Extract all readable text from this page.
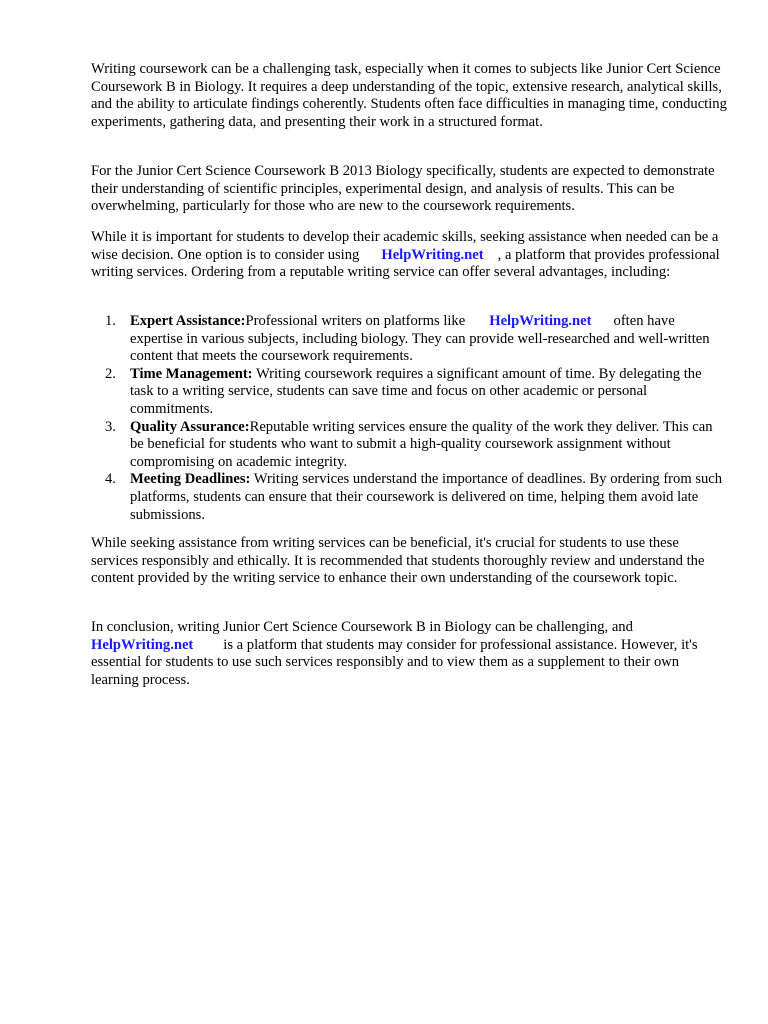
Writing coursework can be a challenging task, especially when it comes to subjects like Junior Cert Science Coursework B in Biology. It requires a deep understanding of the topic, extensive research, analytical skills, and the ability to articulate findings coherently. Students often face difficulties in managing time, conducting experiments, gathering data, and presenting their work in a structured format.

For the Junior Cert Science Coursework B 2013 Biology specifically, students are expected to demonstrate their understanding of scientific principles, experimental design, and analysis of results. This can be overwhelming, particularly for those who are new to the coursework requirements.

While it is important for students to develop their academic skills, seeking assistance when needed can be a wise decision. One option is to consider using HelpWriting.net , a platform that provides professional writing services. Ordering from a reputable writing service can offer several advantages, including:

1. Expert Assistance:Professional writers on platforms like HelpWriting.net often have expertise in various subjects, including biology. They can provide well-researched and well-written content that meets the coursework requirements.
2. Time Management: Writing coursework requires a significant amount of time. By delegating the task to a writing service, students can save time and focus on other academic or personal commitments.
3. Quality Assurance:Reputable writing services ensure the quality of the work they deliver. This can be beneficial for students who want to submit a high-quality coursework assignment without compromising on academic integrity.
4. Meeting Deadlines: Writing services understand the importance of deadlines. By ordering from such platforms, students can ensure that their coursework is delivered on time, helping them avoid late submissions.

While seeking assistance from writing services can be beneficial, it's crucial for students to use these services responsibly and ethically. It is recommended that students thoroughly review and understand the content provided by the writing service to enhance their own understanding of the coursework topic.

In conclusion, writing Junior Cert Science Coursework B in Biology can be challenging, and
HelpWriting.net is a platform that students may consider for professional assistance. However, it's essential for students to use such services responsibly and to view them as a supplement to their own learning process.
